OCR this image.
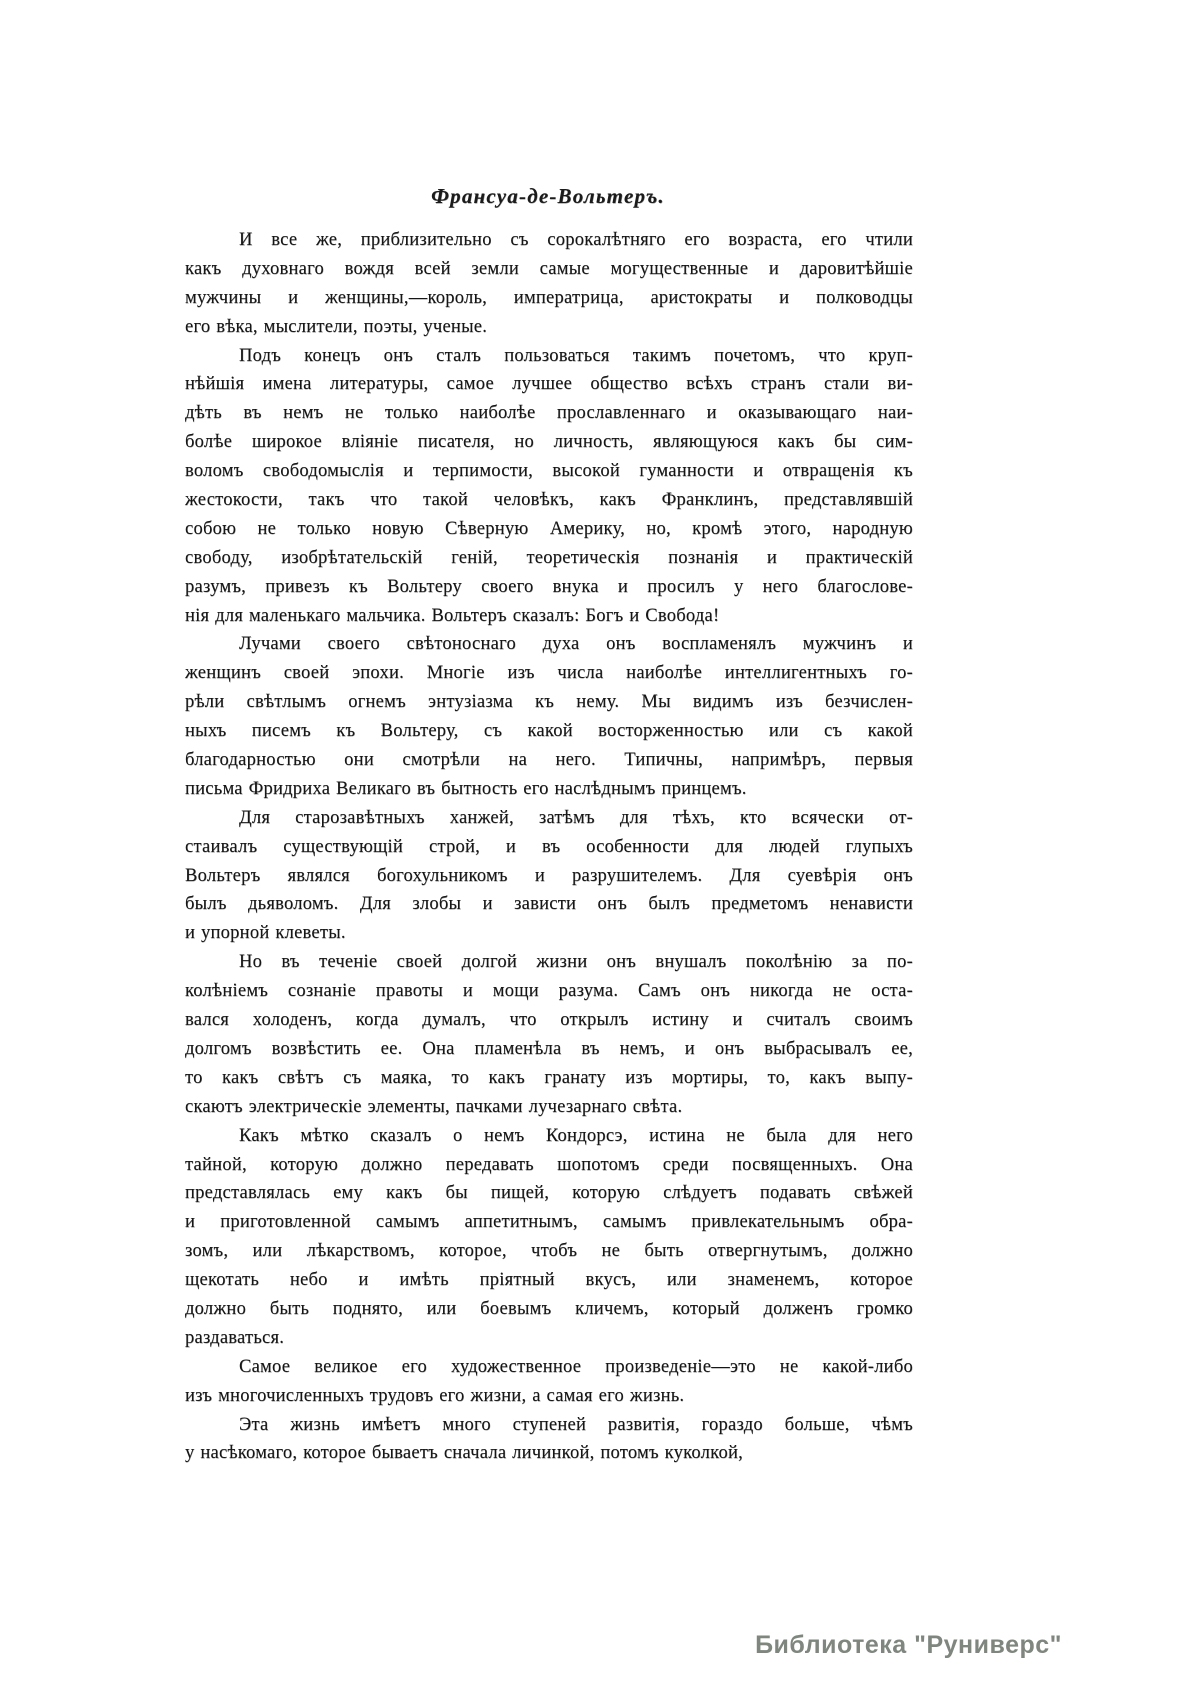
Франсуа-де-Вольтеръ.
И все же, приблизительно съ сорокалѣтняго его возраста, его чтили
какъ духовнаго вождя всей земли самые могущественные и даровитѣйшіе
мужчины и женщины,—король, императрица, аристократы и полководцы
его вѣка, мыслители, поэты, ученые.
Подъ конецъ онъ сталъ пользоваться такимъ почетомъ, что круп-
нѣйшія имена литературы, самое лучшее общество всѣхъ странъ стали ви-
дѣть въ немъ не только наиболѣе прославленнаго и оказывающаго наи-
болѣе широкое вліяніе писателя, но личность, являющуюся какъ бы сим-
воломъ свободомыслія и терпимости, высокой гуманности и отвращенія къ
жестокости, такъ что такой человѣкъ, какъ Франклинъ, представлявшій
собою не только новую Сѣверную Америку, но, кромѣ этого, народную
свободу, изобрѣтательскій геній, теоретическія познанія и практическій
разумъ, привезъ къ Вольтеру своего внука и просилъ у него благослове-
нія для маленькаго мальчика. Вольтеръ сказалъ: Богъ и Свобода!
Лучами своего свѣтоноснаго духа онъ воспламенялъ мужчинъ и
женщинъ своей эпохи. Многіе изъ числа наиболѣе интеллигентныхъ го-
рѣли свѣтлымъ огнемъ энтузіазма къ нему. Мы видимъ изъ безчислен-
ныхъ писемъ къ Вольтеру, съ какой восторженностью или съ какой
благодарностью они смотрѣли на него. Типичны, напримѣръ, первыя
письма Фридриха Великаго въ бытность его наслѣднымъ принцемъ.
Для старозавѣтныхъ ханжей, затѣмъ для тѣхъ, кто всячески от-
стаивалъ существующій строй, и въ особенности для людей глупыхъ
Вольтеръ являлся богохульникомъ и разрушителемъ. Для суевѣрія онъ
былъ дьяволомъ. Для злобы и зависти онъ былъ предметомъ ненависти
и упорной клеветы.
Но въ теченіе своей долгой жизни онъ внушалъ поколѣнію за по-
колѣніемъ сознаніе правоты и мощи разума. Самъ онъ никогда не оста-
вался холоденъ, когда думалъ, что открылъ истину и считалъ своимъ
долгомъ возвѣстить ее. Она пламенѣла въ немъ, и онъ выбрасывалъ ее,
то какъ свѣтъ съ маяка, то какъ гранату изъ мортиры, то, какъ выпу-
скаютъ электрическіе элементы, пачками лучезарнаго свѣта.
Какъ мѣтко сказалъ о немъ Кондорсэ, истина не была для него
тайной, которую должно передавать шопотомъ среди посвященныхъ. Она
представлялась ему какъ бы пищей, которую слѣдуетъ подавать свѣжей
и приготовленной самымъ аппетитнымъ, самымъ привлекательнымъ обра-
зомъ, или лѣкарствомъ, которое, чтобъ не быть отвергнутымъ, должно
щекотать небо и имѣть пріятный вкусъ, или знаменемъ, которое
должно быть поднято, или боевымъ кличемъ, который долженъ громко
раздаваться.
Самое великое его художественное произведеніе—это не какой-либо
изъ многочисленныхъ трудовъ его жизни, а самая его жизнь.
Эта жизнь имѣетъ много ступеней развитія, гораздо больше, чѣмъ
у насѣкомаго, которое бываетъ сначала личинкой, потомъ куколкой,
Библиотека "Руниверс"
